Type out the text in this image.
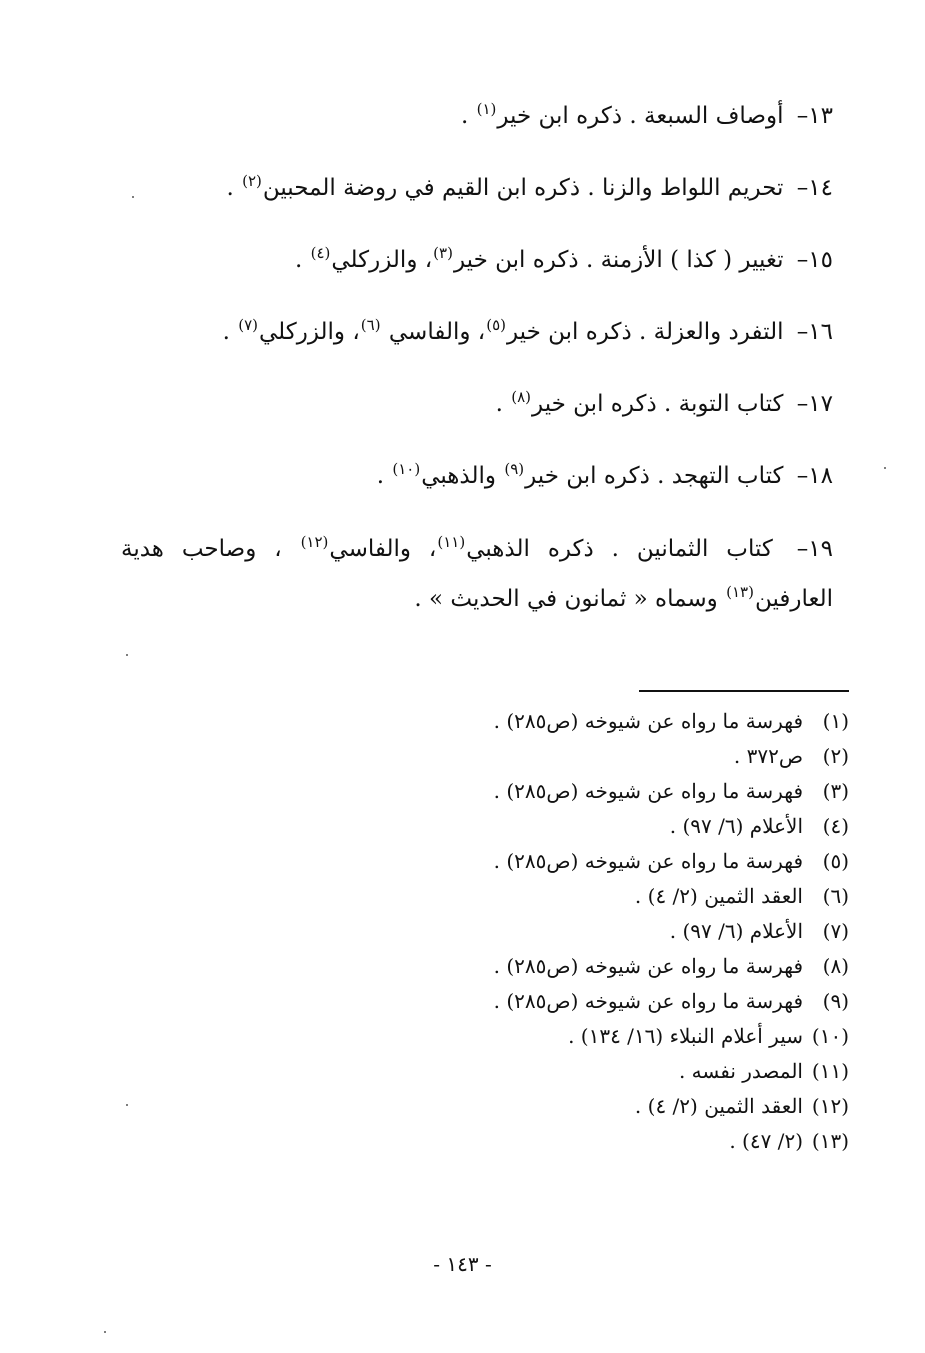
١٣– أوصاف السبعة . ذكره ابن خير$^{(١)}$ .

١٤– تحريم اللواط والزنا . ذكره ابن القيم في روضة المحبين$^{(٢)}$ .

١٥– تغيير ( كذا ) الأزمنة . ذكره ابن خير$^{(٣)}$، والزركلي$^{(٤)}$ .

١٦– التفرد والعزلة . ذكره ابن خير$^{(٥)}$، والفاسي $^{(٦)}$، والزركلي$^{(٧)}$ .

١٧– كتاب التوبة . ذكره ابن خير$^{(٨)}$ .

١٨– كتاب التهجد . ذكره ابن خير$^{(٩)}$ والذهبي$^{(١٠)}$ .

١٩– كتاب الثمانين . ذكره الذهبي$^{(١١)}$، والفاسي$^{(١٢)}$ ، وصاحب هدية العارفين$^{(١٣)}$ وسماه « ثمانون في الحديث » .

(١)فهرسة ما رواه عن شيوخه (ص٢٨٥) .
(٢)ص٣٧٢ .
(٣)فهرسة ما رواه عن شيوخه (ص٢٨٥) .
(٤)الأعلام (٦/ ٩٧) .
(٥)فهرسة ما رواه عن شيوخه (ص٢٨٥) .
(٦)العقد الثمين (٢/ ٤) .
(٧)الأعلام (٦/ ٩٧) .
(٨)فهرسة ما رواه عن شيوخه (ص٢٨٥) .
(٩)فهرسة ما رواه عن شيوخه (ص٢٨٥) .
(١٠)سير أعلام النبلاء (١٦/ ١٣٤) .
(١١)المصدر نفسه .
(١٢)العقد الثمين (٢/ ٤) .
(١٣)(٢/ ٤٧) .
- ١٤٣ -
